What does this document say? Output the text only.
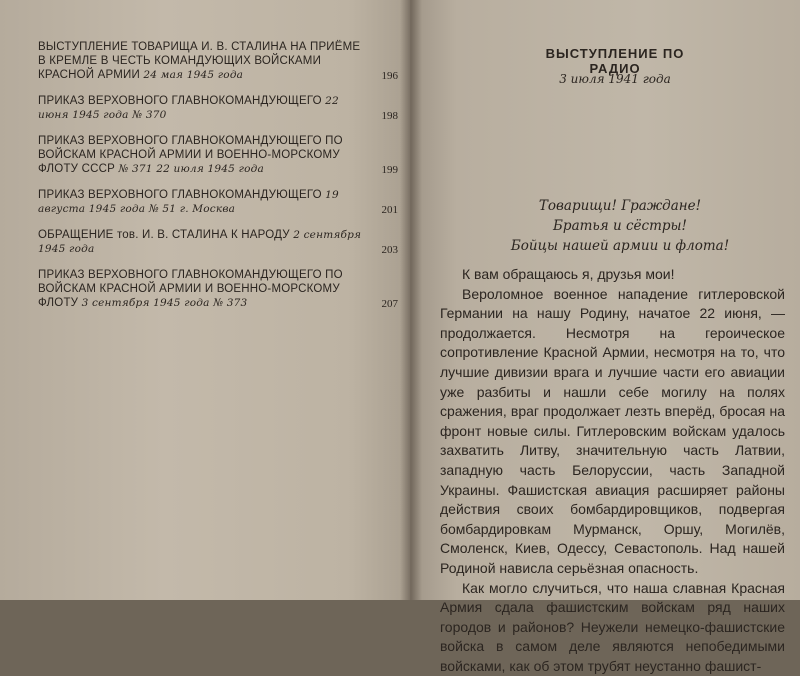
ВЫСТУПЛЕНИЕ ТОВАРИЩА И. В. СТАЛИНА НА ПРИЁМЕ В КРЕМЛЕ В ЧЕСТЬ КОМАНДУЮЩИХ ВОЙСКАМИ КРАСНОЙ АРМИИ 24 мая 1945 года	196
ПРИКАЗ ВЕРХОВНОГО ГЛАВНОКОМАНДУЮЩЕГО 22 июня 1945 года № 370	198
ПРИКАЗ ВЕРХОВНОГО ГЛАВНОКОМАНДУЮЩЕГО ПО ВОЙСКАМ КРАСНОЙ АРМИИ И ВОЕННО-МОРСКОМУ ФЛОТУ СССР № 371 22 июля 1945 года	199
ПРИКАЗ ВЕРХОВНОГО ГЛАВНОКОМАНДУЮЩЕГО 19 августа 1945 года № 51 г. Москва	201
ОБРАЩЕНИЕ тов. И. В. СТАЛИНА К НАРОДУ 2 сентября 1945 года	203
ПРИКАЗ ВЕРХОВНОГО ГЛАВНОКОМАНДУЮЩЕГО ПО ВОЙСКАМ КРАСНОЙ АРМИИ И ВОЕННО-МОРСКОМУ ФЛОТУ 3 сентября 1945 года № 373	207
ВЫСТУПЛЕНИЕ ПО РАДИО
3 июля 1941 года
Товарищи! Граждане!
Братья и сёстры!
Бойцы нашей армии и флота!

К вам обращаюсь я, друзья мои!

Вероломное военное нападение гитлеровской Германии на нашу Родину, начатое 22 июня, — продолжается. Несмотря на героическое сопротивление Красной Армии, несмотря на то, что лучшие дивизии врага и лучшие части его авиации уже разбиты и нашли себе могилу на полях сражения, враг продолжает лезть вперёд, бросая на фронт новые силы. Гитлеровским войскам удалось захватить Литву, значительную часть Латвии, западную часть Белоруссии, часть Западной Украины. Фашистская авиация расширяет районы действия своих бомбардировщиков, подвергая бомбардировкам Мурманск, Оршу, Могилёв, Смоленск, Киев, Одессу, Севастополь. Над нашей Родиной нависла серьёзная опасность.

Как могло случиться, что наша славная Красная Армия сдала фашистским войскам ряд наших городов и районов? Неужели немецко-фашистские войска в самом деле являются непобедимыми войсками, как об этом трубят неустанно фашист-
